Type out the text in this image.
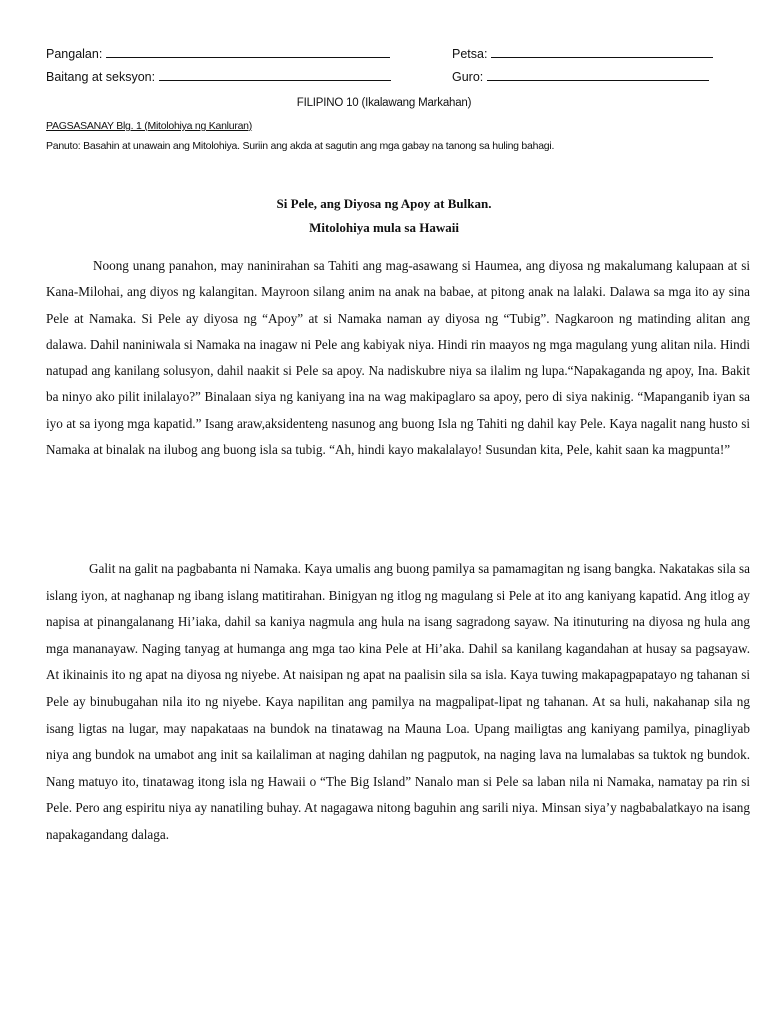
Pangalan:	Petsa:
Baitang at seksyon:	Guro:
FILIPINO 10 (Ikalawang Markahan)
PAGSASANAY Blg. 1 (Mitolohiya ng Kanluran)
Panuto: Basahin at unawain ang Mitolohiya. Suriin ang akda at sagutin ang mga gabay na tanong sa huling bahagi.
Si Pele, ang Diyosa ng Apoy at Bulkan.
Mitolohiya mula sa Hawaii

Noong unang panahon, may naninirahan sa Tahiti ang mag-asawang si Haumea, ang diyosa ng makalumang kalupaan at si Kana-Milohai, ang diyos ng kalangitan. Mayroon silang anim na anak na babae, at pitong anak na lalaki. Dalawa sa mga ito ay sina Pele at Namaka. Si Pele ay diyosa ng “Apoy” at si Namaka naman ay diyosa ng “Tubig”. Nagkaroon ng matinding alitan ang dalawa. Dahil naniniwala si Namaka na inagaw ni Pele ang kabiyak niya. Hindi rin maayos ng mga magulang yung alitan nila. Hindi natupad ang kanilang solusyon, dahil naakit si Pele sa apoy. Na nadiskubre niya sa ilalim ng lupa.“Napakaganda ng apoy, Ina. Bakit ba ninyo ako pilit inilalayo?” Binalaan siya ng kaniyang ina na wag makipaglaro sa apoy, pero di siya nakinig. “Mapanganib iyan sa iyo at sa iyong mga kapatid.” Isang araw,aksidenteng nasunog ang buong Isla ng Tahiti ng dahil kay Pele. Kaya nagalit nang husto si Namaka at binalak na ilubog ang buong isla sa tubig. “Ah, hindi kayo makalalayo! Susundan kita, Pele, kahit saan ka magpunta!”

Galit na galit na pagbabanta ni Namaka. Kaya umalis ang buong pamilya sa pamamagitan ng isang bangka. Nakatakas sila sa islang iyon, at naghanap ng ibang islang matitirahan. Binigyan ng itlog ng magulang si Pele at ito ang kaniyang kapatid. Ang itlog ay napisa at pinangalanang Hi’iaka, dahil sa kaniya nagmula ang hula na isang sagradong sayaw. Na itinuturing na diyosa ng hula ang mga mananayaw. Naging tanyag at humanga ang mga tao kina Pele at Hi’aka. Dahil sa kanilang kagandahan at husay sa pagsayaw. At ikinainis ito ng apat na diyosa ng niyebe. At naisipan ng apat na paalisin sila sa isla. Kaya tuwing makapagpapatayo ng tahanan si Pele ay binubugahan nila ito ng niyebe. Kaya napilitan ang pamilya na magpalipat-lipat ng tahanan. At sa huli, nakahanap sila ng isang ligtas na lugar, may napakataas na bundok na tinatawag na Mauna Loa. Upang mailigtas ang kaniyang pamilya, pinagliyab niya ang bundok na umabot ang init sa kailaliman at naging dahilan ng pagputok, na naging lava na lumalabas sa tuktok ng bundok. Nang matuyo ito, tinatawag itong isla ng Hawaii o “The Big Island” Nanalo man si Pele sa laban nila ni Namaka, namatay pa rin si Pele. Pero ang espiritu niya ay nanatiling buhay. At nagagawa nitong baguhin ang sarili niya. Minsan siya’y nagbabalatkayo na isang napakagandang dalaga.
